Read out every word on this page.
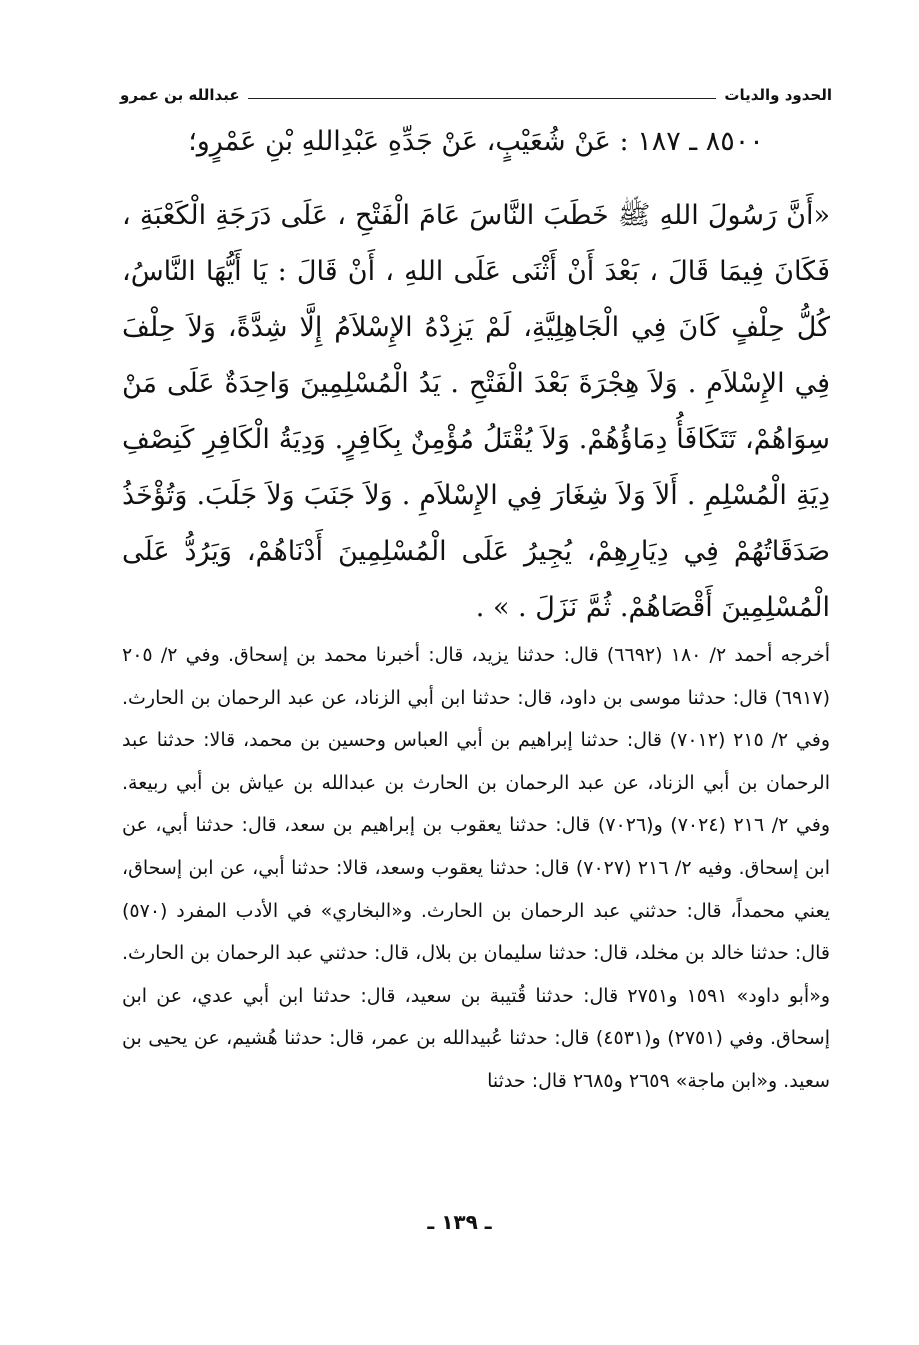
الحدود والديات
عبدالله بن عمرو
٨٥٠٠ ـ ١٨٧ : عَنْ شُعَيْبٍ، عَنْ جَدِّهِ عَبْدِاللهِ بْنِ عَمْرٍو؛

«أَنَّ رَسُولَ اللهِ ﷺ خَطَبَ النَّاسَ عَامَ الْفَتْحِ ، عَلَى دَرَجَةِ الْكَعْبَةِ ، فَكَانَ فِيمَا قَالَ ، بَعْدَ أَنْ أَثْنَى عَلَى اللهِ ، أَنْ قَالَ : يَا أَيُّهَا النَّاسُ، كُلُّ حِلْفٍ كَانَ فِي الْجَاهِلِيَّةِ، لَمْ يَزِدْهُ الإِسْلاَمُ إِلَّا شِدَّةً، وَلاَ حِلْفَ فِي الإِسْلاَمِ . وَلاَ هِجْرَةَ بَعْدَ الْفَتْحِ . يَدُ الْمُسْلِمِينَ وَاحِدَةٌ عَلَى مَنْ سِوَاهُمْ، تَتَكَافَأُ دِمَاؤُهُمْ. وَلاَ يُقْتَلُ مُؤْمِنٌ بِكَافِرٍ. وَدِيَةُ الْكَافِرِ كَنِصْفِ دِيَةِ الْمُسْلِمِ . أَلاَ وَلاَ شِغَارَ فِي الإِسْلاَمِ . وَلاَ جَنَبَ وَلاَ جَلَبَ. وَتُؤْخَذُ صَدَقَاتُهُمْ فِي دِيَارِهِمْ، يُجِيرُ عَلَى الْمُسْلِمِينَ أَدْنَاهُمْ، وَيَرُدُّ عَلَى الْمُسْلِمِينَ أَقْصَاهُمْ. ثُمَّ نَزَلَ . » .

أخرجه أحمد ٢/ ١٨٠ (٦٦٩٢) قال: حدثنا يزيد، قال: أخبرنا محمد بن إسحاق. وفي ٢/ ٢٠٥ (٦٩١٧) قال: حدثنا موسى بن داود، قال: حدثنا ابن أبي الزناد، عن عبد الرحمان بن الحارث. وفي ٢/ ٢١٥ (٧٠١٢) قال: حدثنا إبراهيم بن أبي العباس وحسين بن محمد، قالا: حدثنا عبد الرحمان بن أبي الزناد، عن عبد الرحمان بن الحارث بن عبدالله بن عياش بن أبي ربيعة. وفي ٢/ ٢١٦ (٧٠٢٤) و(٧٠٢٦) قال: حدثنا يعقوب بن إبراهيم بن سعد، قال: حدثنا أبي، عن ابن إسحاق. وفيه ٢/ ٢١٦ (٧٠٢٧) قال: حدثنا يعقوب وسعد، قالا: حدثنا أبي، عن ابن إسحاق، يعني محمداً، قال: حدثني عبد الرحمان بن الحارث. و«البخاري» في الأدب المفرد (٥٧٠) قال: حدثنا خالد بن مخلد، قال: حدثنا سليمان بن بلال، قال: حدثني عبد الرحمان بن الحارث. و«أبو داود» ١٥٩١ و٢٧٥١ قال: حدثنا قُتيبة بن سعيد، قال: حدثنا ابن أبي عدي، عن ابن إسحاق. وفي (٢٧٥١) و(٤٥٣١) قال: حدثنا عُبيدالله بن عمر، قال: حدثنا هُشيم، عن يحيى بن سعيد. و«ابن ماجة» ٢٦٥٩ و٢٦٨٥ قال: حدثنا

ـ ١٣٩ ـ
